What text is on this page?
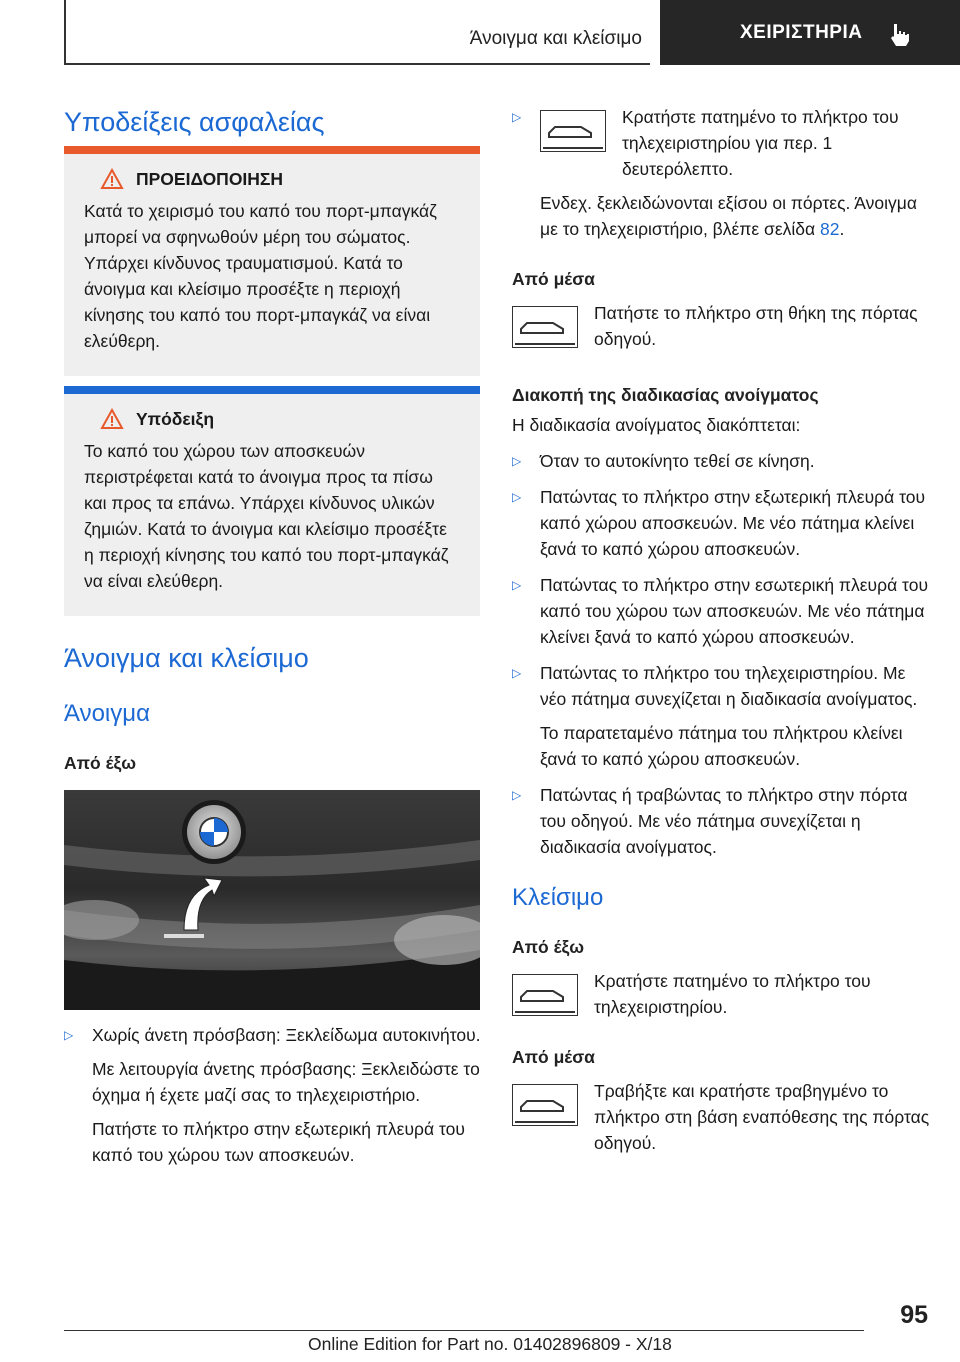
Άνοιγμα και κλείσιμο	ΧΕΙΡΙΣΤΗΡΙΑ
Υποδείξεις ασφαλείας
ΠΡΟΕΙΔΟΠΟΙΗΣΗ

Κατά το χειρισμό του καπό του πορτ-μπαγκάζ μπορεί να σφηνωθούν μέρη του σώματος. Υπάρχει κίνδυνος τραυματισμού. Κατά το άνοιγμα και κλείσιμο προσέξτε η περιοχή κίνησης του καπό του πορτ-μπαγκάζ να είναι ελεύθερη.

Υπόδειξη

Το καπό του χώρου των αποσκευών περιστρέφεται κατά το άνοιγμα προς τα πίσω και προς τα επάνω. Υπάρχει κίνδυνος υλικών ζημιών. Κατά το άνοιγμα και κλείσιμο προσέξτε η περιοχή κίνησης του καπό του πορτ-μπαγκάζ να είναι ελεύθερη.

Άνοιγμα και κλείσιμο
Άνοιγμα

Από έξω

▷ Χωρίς άνετη πρόσβαση: Ξεκλείδωμα αυτοκινήτου.
Με λειτουργία άνετης πρόσβασης: Ξεκλειδώστε το όχημα ή έχετε μαζί σας το τηλεχειριστήριο.
Πατήστε το πλήκτρο στην εξωτερική πλευρά του καπό του χώρου των αποσκευών.
▷	Κρατήστε πατημένο το πλήκτρο του τηλεχειριστηρίου για περ. 1 δευτερόλεπτο.
Ενδεχ. ξεκλειδώνονται εξίσου οι πόρτες. Άνοιγμα με το τηλεχειριστήριο, βλέπε σελίδα 82.

Από μέσα

Πατήστε το πλήκτρο στη θήκη της πόρτας οδηγού.

Διακοπή της διαδικασίας ανοίγματος

Η διαδικασία ανοίγματος διακόπτεται:

▷ Όταν το αυτοκίνητο τεθεί σε κίνηση.
▷ Πατώντας το πλήκτρο στην εξωτερική πλευρά του καπό χώρου αποσκευών. Με νέο πάτημα κλείνει ξανά το καπό χώρου αποσκευών.
▷ Πατώντας το πλήκτρο στην εσωτερική πλευρά του καπό του χώρου των αποσκευών. Με νέο πάτημα κλείνει ξανά το καπό χώρου αποσκευών.
▷ Πατώντας το πλήκτρο του τηλεχειριστηρίου. Με νέο πάτημα συνεχίζεται η διαδικασία ανοίγματος.
Το παρατεταμένο πάτημα του πλήκτρου κλείνει ξανά το καπό χώρου αποσκευών.
▷ Πατώντας ή τραβώντας το πλήκτρο στην πόρτα του οδηγού. Με νέο πάτημα συνεχίζεται η διαδικασία ανοίγματος.
Κλείσιμο

Από έξω

Κρατήστε πατημένο το πλήκτρο του τηλεχειριστηρίου.

Από μέσα

Τραβήξτε και κρατήστε τραβηγμένο το πλήκτρο στη βάση εναπόθεσης της πόρτας οδηγού.
95
Online Edition for Part no. 01402896809 - X/18
